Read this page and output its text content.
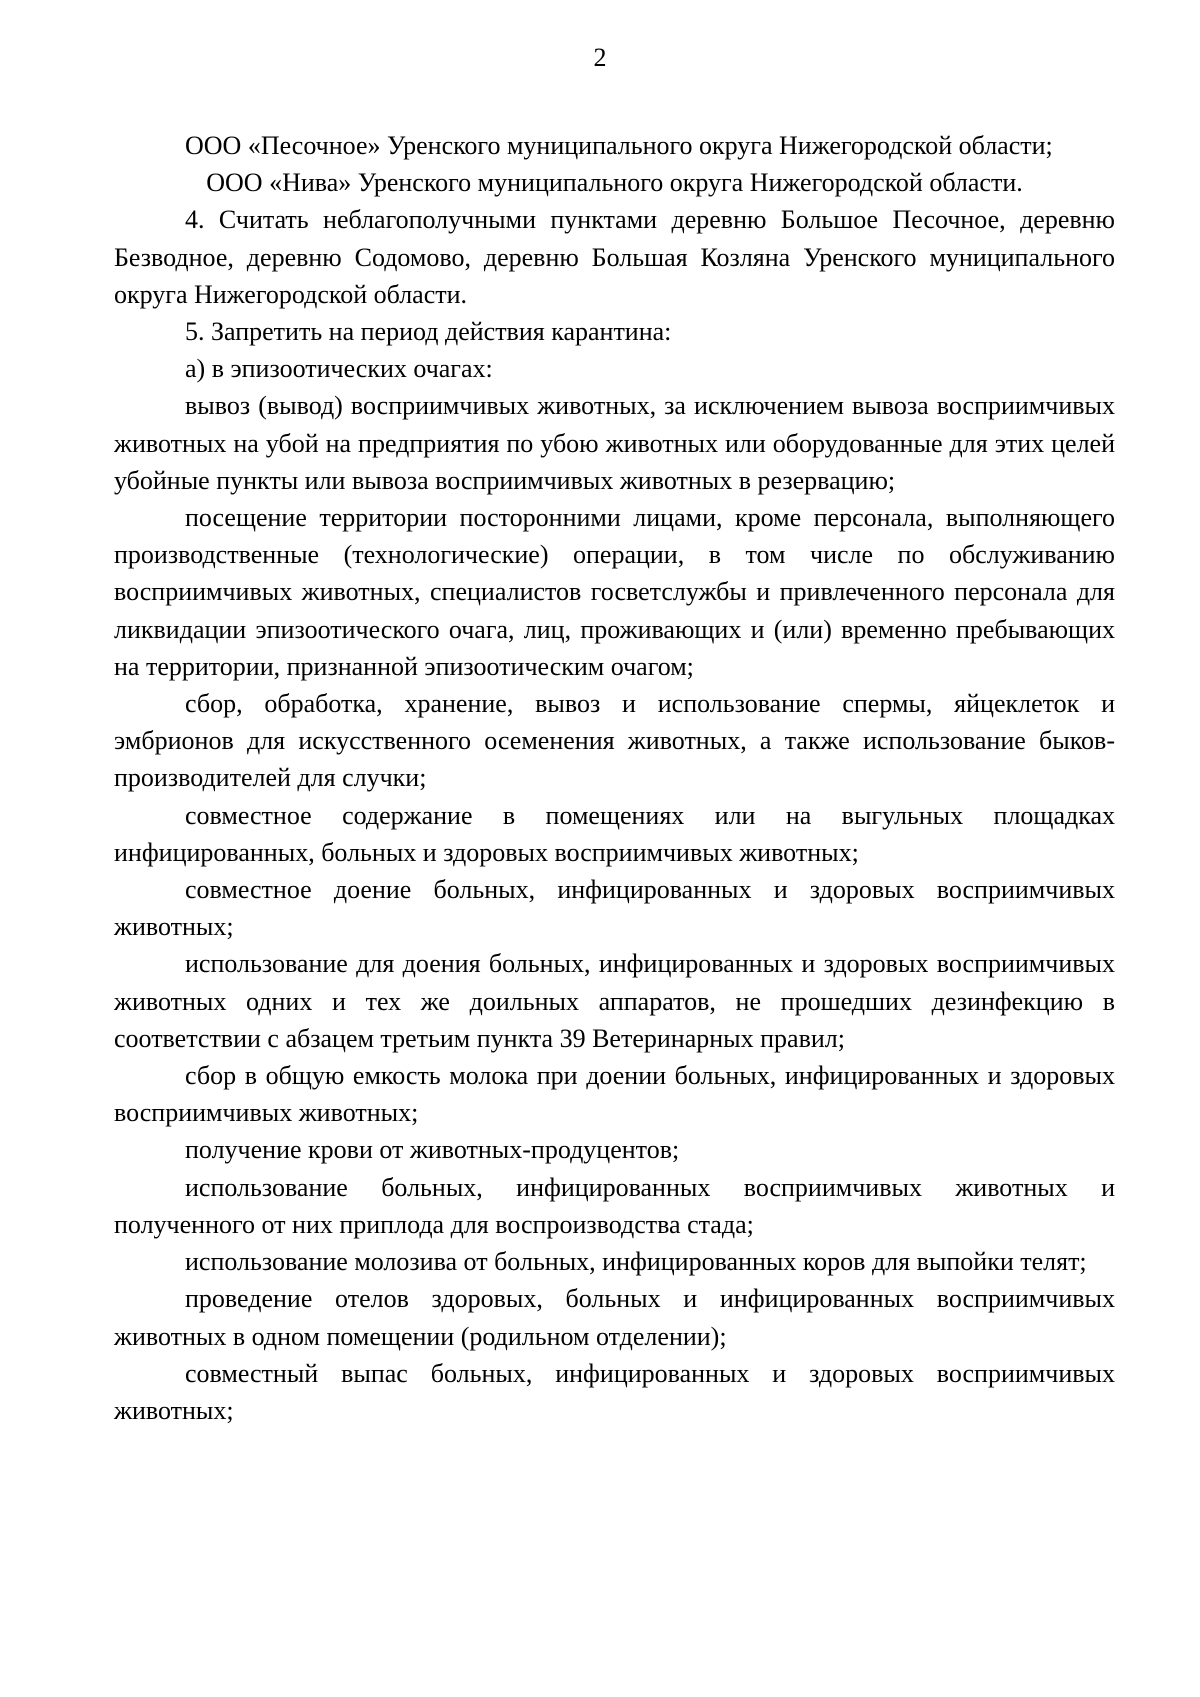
2

ООО «Песочное» Уренского муниципального округа Нижегородской области;

ООО «Нива» Уренского муниципального округа Нижегородской области.

4. Считать неблагополучными пунктами деревню Большое Песочное, деревню Безводное, деревню Содомово, деревню Большая Козляна Уренского муниципального округа Нижегородской области.

5. Запретить на период действия карантина:

а) в эпизоотических очагах:

вывоз (вывод) восприимчивых животных, за исключением вывоза восприимчивых животных на убой на предприятия по убою животных или оборудованные для этих целей убойные пункты или вывоза восприимчивых животных в резервацию;

посещение территории посторонними лицами, кроме персонала, выполняющего производственные (технологические) операции, в том числе по обслуживанию восприимчивых животных, специалистов госветслужбы и привлеченного персонала для ликвидации эпизоотического очага, лиц, проживающих и (или) временно пребывающих на территории, признанной эпизоотическим очагом;

сбор, обработка, хранение, вывоз и использование спермы, яйцеклеток и эмбрионов для искусственного осеменения животных, а также использование быков-производителей для случки;

совместное содержание в помещениях или на выгульных площадках инфицированных, больных и здоровых восприимчивых животных;

совместное доение больных, инфицированных и здоровых восприимчивых животных;

использование для доения больных, инфицированных и здоровых восприимчивых животных одних и тех же доильных аппаратов, не прошедших дезинфекцию в соответствии с абзацем третьим пункта 39 Ветеринарных правил;

сбор в общую емкость молока при доении больных, инфицированных и здоровых восприимчивых животных;

получение крови от животных-продуцентов;

использование больных, инфицированных восприимчивых животных и полученного от них приплода для воспроизводства стада;

использование молозива от больных, инфицированных коров для выпойки телят;

проведение отелов здоровых, больных и инфицированных восприимчивых животных в одном помещении (родильном отделении);

совместный выпас больных, инфицированных и здоровых восприимчивых животных;
